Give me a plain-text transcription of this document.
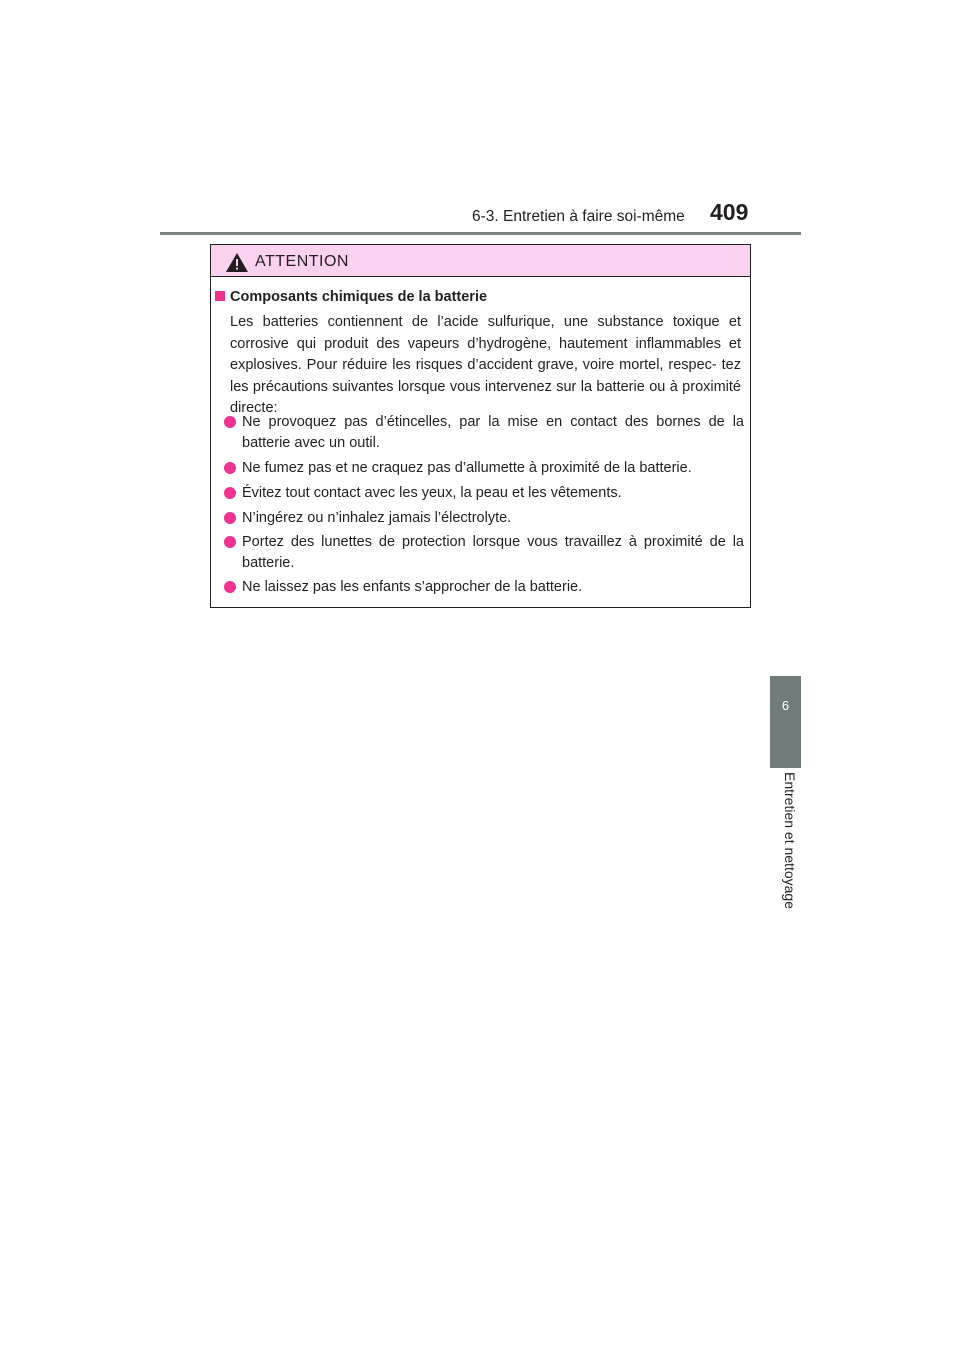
6-3. Entretien à faire soi-même 409
6
Entretien et nettoyage
ATTENTION
Composants chimiques de la batterie

Les batteries contiennent de l’acide sulfurique, une substance toxique et corrosive qui produit des vapeurs d’hydrogène, hautement inflammables et explosives. Pour réduire les risques d’accident grave, voire mortel, respec- tez les précautions suivantes lorsque vous intervenez sur la batterie ou à proximité directe:

Ne provoquez pas d’étincelles, par la mise en contact des bornes de la batterie avec un outil.
Ne fumez pas et ne craquez pas d’allumette à proximité de la batterie.
Évitez tout contact avec les yeux, la peau et les vêtements.
N’ingérez ou n’inhalez jamais l’électrolyte.
Portez des lunettes de protection lorsque vous travaillez à proximité de la batterie.
Ne laissez pas les enfants s’approcher de la batterie.
